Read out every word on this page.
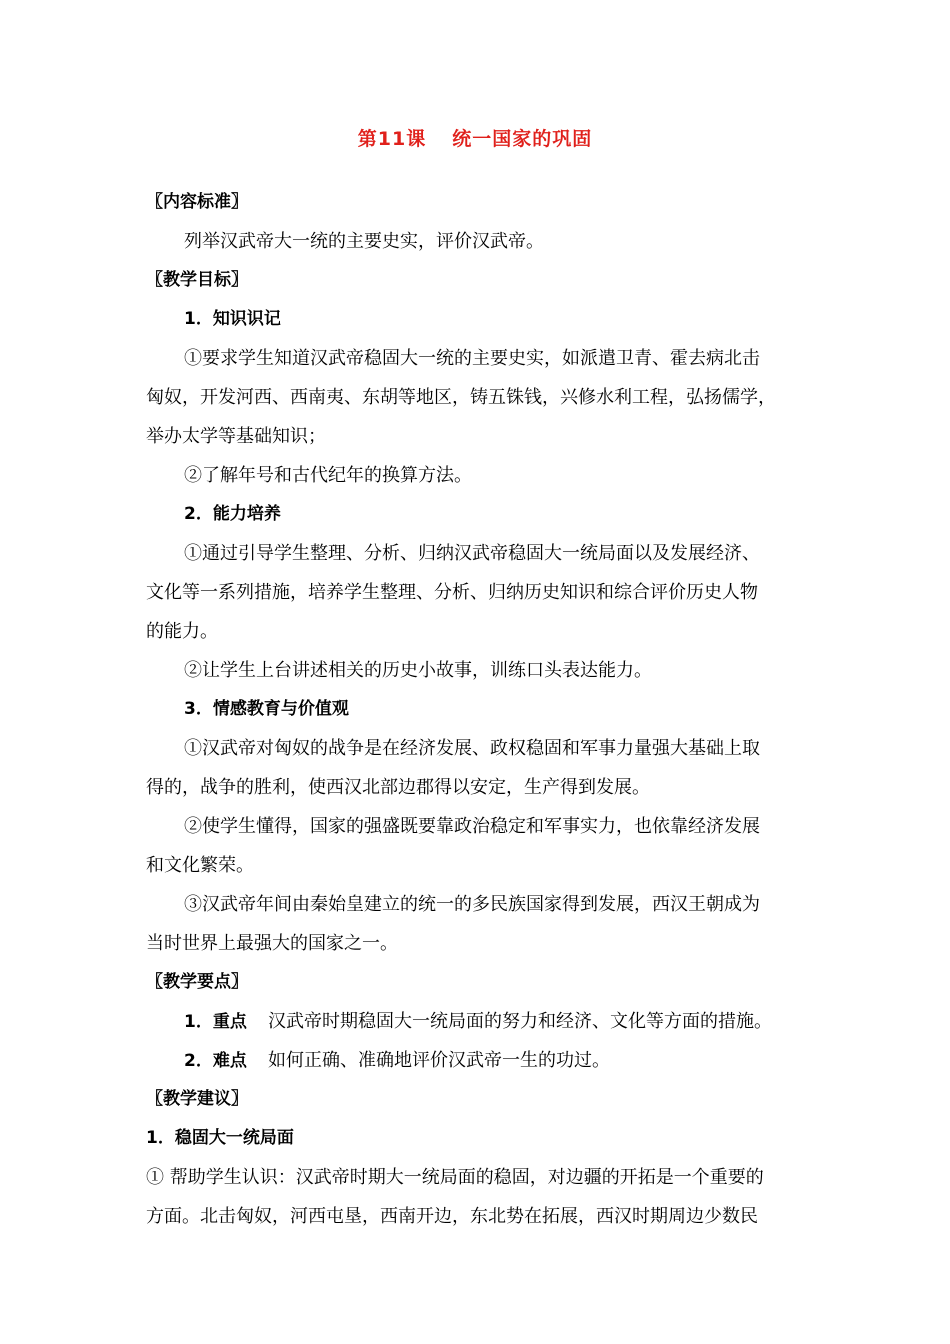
第11课 统一国家的巩固
〖内容标准〗
列举汉武帝大一统的主要史实，评价汉武帝。
〖教学目标〗
1．知识识记
①要求学生知道汉武帝稳固大一统的主要史实，如派遣卫青、霍去病北击
匈奴，开发河西、西南夷、东胡等地区，铸五铢钱，兴修水利工程，弘扬儒学，
举办太学等基础知识；
②了解年号和古代纪年的换算方法。
2．能力培养
①通过引导学生整理、分析、归纳汉武帝稳固大一统局面以及发展经济、
文化等一系列措施，培养学生整理、分析、归纳历史知识和综合评价历史人物
的能力。
②让学生上台讲述相关的历史小故事，训练口头表达能力。
3．情感教育与价值观
①汉武帝对匈奴的战争是在经济发展、政权稳固和军事力量强大基础上取
得的，战争的胜利，使西汉北部边郡得以安定，生产得到发展。
②使学生懂得，国家的强盛既要靠政治稳定和军事实力，也依靠经济发展
和文化繁荣。
③汉武帝年间由秦始皇建立的统一的多民族国家得到发展，西汉王朝成为
当时世界上最强大的国家之一。
〖教学要点〗
1．重点 汉武帝时期稳固大一统局面的努力和经济、文化等方面的措施。
2．难点 如何正确、准确地评价汉武帝一生的功过。
〖教学建议〗
1．稳固大一统局面
① 帮助学生认识：汉武帝时期大一统局面的稳固，对边疆的开拓是一个重要的
方面。北击匈奴，河西屯垦，西南开边，东北势在拓展，西汉时期周边少数民
